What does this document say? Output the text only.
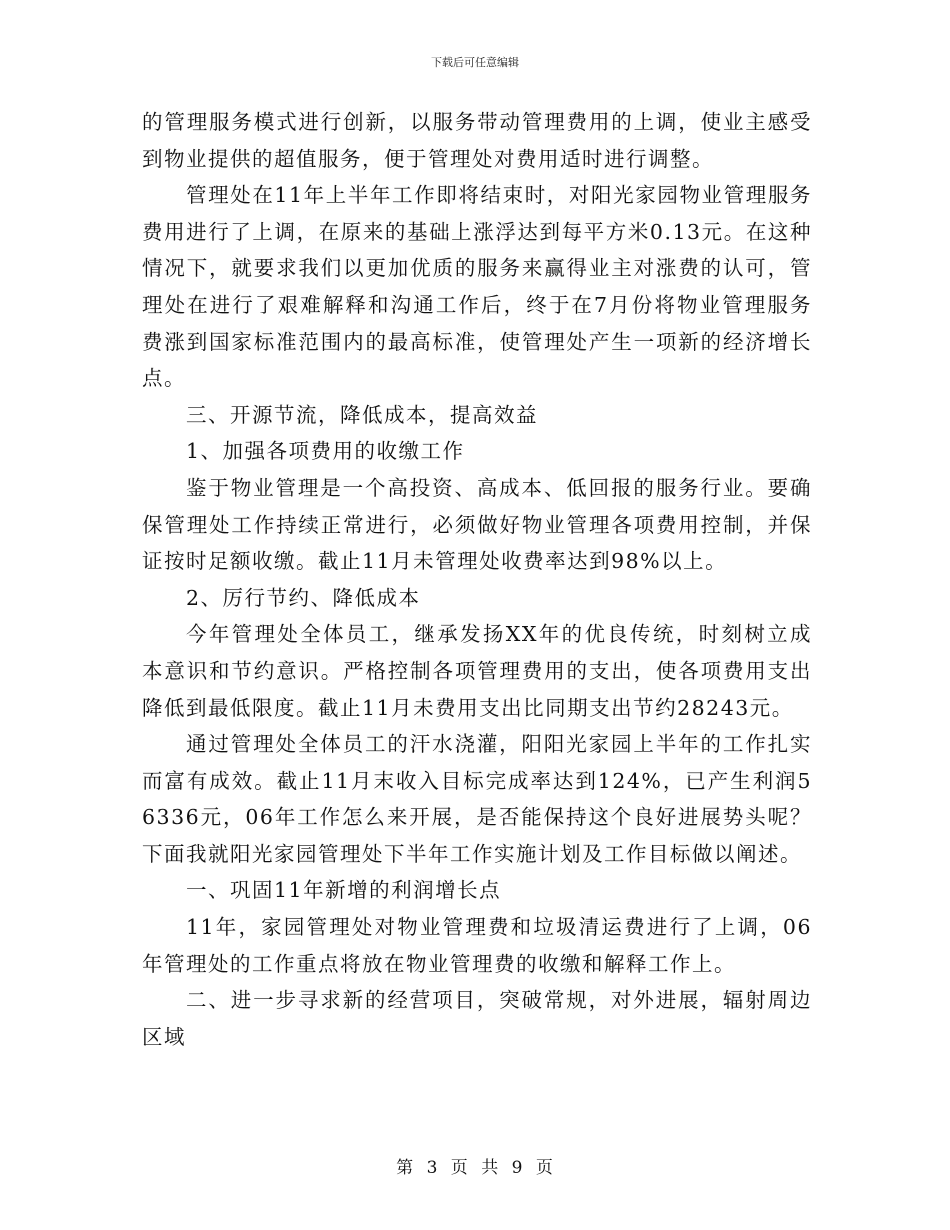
下载后可任意编辑

的管理服务模式进行创新，以服务带动管理费用的上调，使业主感受到物业提供的超值服务，便于管理处对费用适时进行调整。

管理处在11年上半年工作即将结束时，对阳光家园物业管理服务费用进行了上调，在原来的基础上涨浮达到每平方米0.13元。在这种情况下，就要求我们以更加优质的服务来赢得业主对涨费的认可，管理处在进行了艰难解释和沟通工作后，终于在7月份将物业管理服务费涨到国家标准范围内的最高标准，使管理处产生一项新的经济增长点。

三、开源节流，降低成本，提高效益

1、加强各项费用的收缴工作

鉴于物业管理是一个高投资、高成本、低回报的服务行业。要确保管理处工作持续正常进行，必须做好物业管理各项费用控制，并保证按时足额收缴。截止11月未管理处收费率达到98%以上。

2、厉行节约、降低成本

今年管理处全体员工，继承发扬XX年的优良传统，时刻树立成本意识和节约意识。严格控制各项管理费用的支出，使各项费用支出降低到最低限度。截止11月未费用支出比同期支出节约28243元。

通过管理处全体员工的汗水浇灌，阳阳光家园上半年的工作扎实而富有成效。截止11月末收入目标完成率达到124%，已产生利润56336元，06年工作怎么来开展，是否能保持这个良好进展势头呢？下面我就阳光家园管理处下半年工作实施计划及工作目标做以阐述。

一、巩固11年新增的利润增长点

11年，家园管理处对物业管理费和垃圾清运费进行了上调，06年管理处的工作重点将放在物业管理费的收缴和解释工作上。

二、进一步寻求新的经营项目，突破常规，对外进展，辐射周边区域

第 3 页 共 9 页
